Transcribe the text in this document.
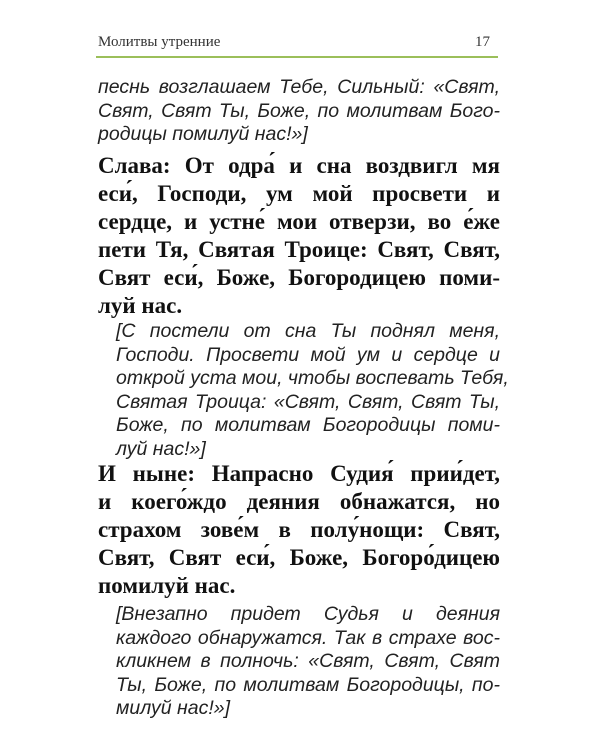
Молитвы утренние	17
песнь возглашаем Тебе, Сильный: «Свят,
Свят, Свят Ты, Боже, по молитвам Бого-
родицы помилуй нас!»]
Слава: От одра́ и сна воздвигл мя
еси́, Господи, ум мой просвети и
сердце, и устне́ мои отверзи, во е́же
пети Тя, Святая Троице: Свят, Свят,
Свят еси́, Боже, Богородицею поми-
луй нас.
[С постели от сна Ты поднял меня,
Господи. Просвети мой ум и сердце и
открой уста мои, чтобы воспевать Тебя,
Святая Троица: «Свят, Свят, Свят Ты,
Боже, по молитвам Богородицы поми-
луй нас!»]
И ныне: Напрасно Судия́ прии́дет,
и коего́ждо деяния обнажатся, но
страхом зове́м в полу́нощи: Свят,
Свят, Свят еси́, Боже, Богоро́дицею
помилуй нас.
[Внезапно придет Судья и деяния
каждого обнаружатся. Так в страхе вос-
кликнем в полночь: «Свят, Свят, Свят
Ты, Боже, по молитвам Богородицы, по-
милуй нас!»]
